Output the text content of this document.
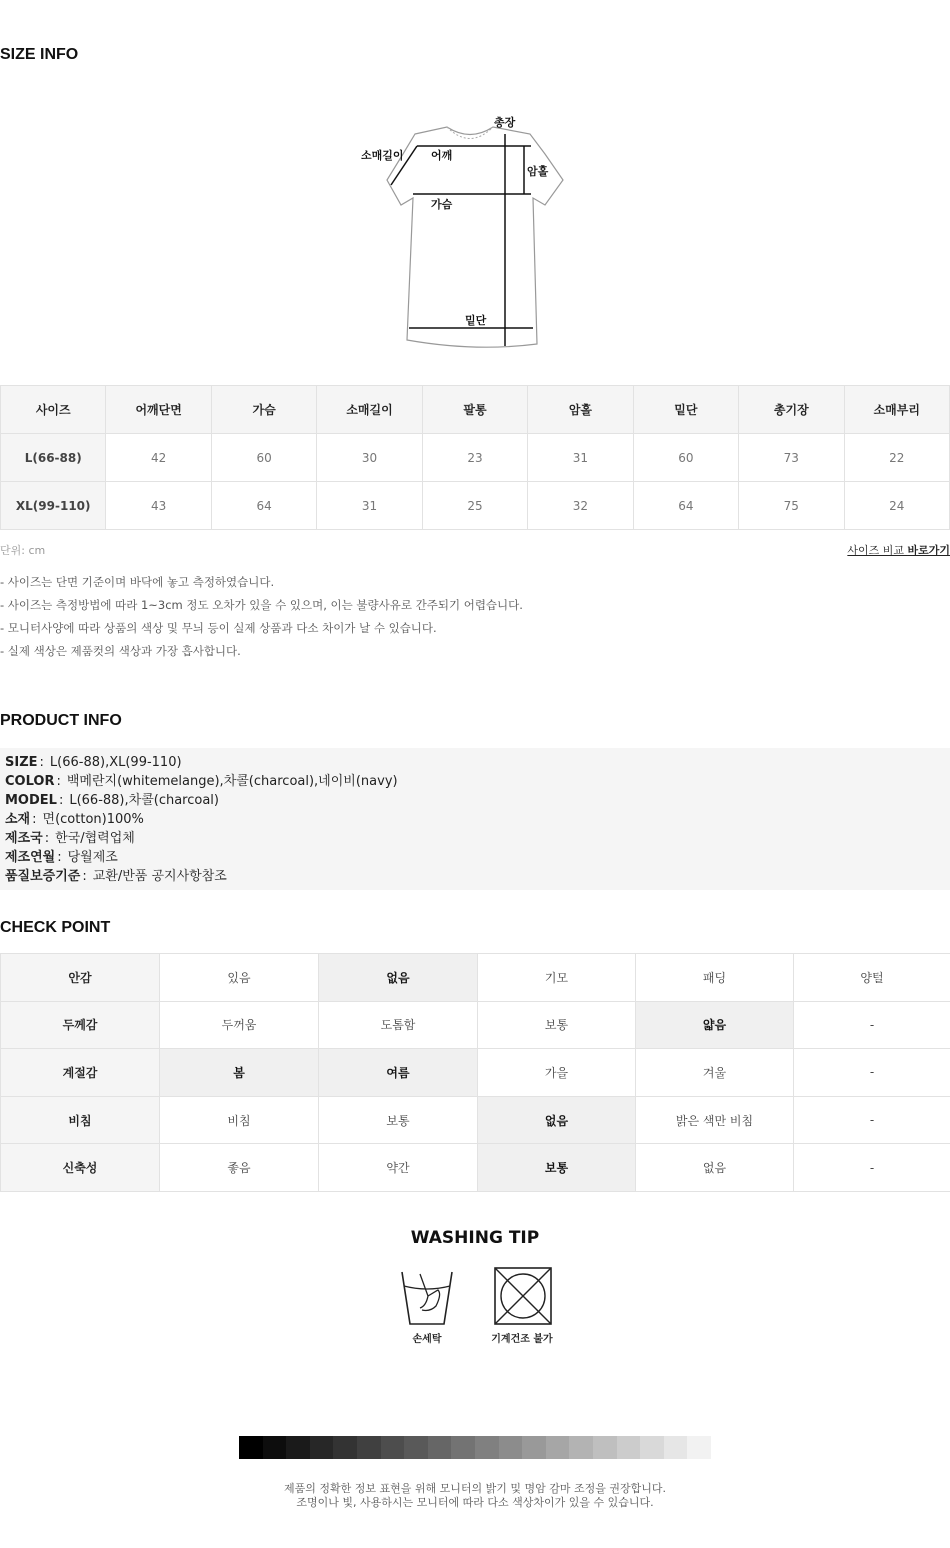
SIZE INFO
총장
소매길이 어깨
암홀
가슴
밑단
사이즈	어깨단면	가슴	소매길이	팔통	암홀	밑단	총기장	소매부리
L(66-88)	42	60	30	23	31	60	73	22
XL(99-110)	43	64	31	25	32	64	75	24
단위: cm	사이즈 비교 바로가기
- 사이즈는 단면 기준이며 바닥에 놓고 측정하였습니다.
- 사이즈는 측정방법에 따라 1~3cm 정도 오차가 있을 수 있으며, 이는 불량사유로 간주되기 어렵습니다.
- 모니터사양에 따라 상품의 색상 및 무늬 등이 실제 상품과 다소 차이가 날 수 있습니다.
- 실제 색상은 제품컷의 색상과 가장 흡사합니다.
PRODUCT INFO
SIZE : L(66-88),XL(99-110)
COLOR : 백메란지(whitemelange),차콜(charcoal),네이비(navy)
MODEL : L(66-88),차콜(charcoal)
소재 : 면(cotton)100%
제조국 : 한국/협력업체
제조연월 : 당월제조
품질보증기준 : 교환/반품 공지사항참조
CHECK POINT
안감	있음	없음	기모	패딩	양털
두께감	두꺼움	도톰함	보통	얇음	-
계절감	봄	여름	가을	겨울	-
비침	비침	보통	없음	밝은 색만 비침	-
신축성	좋음	약간	보통	없음	-
WASHING TIP
손세탁	기계건조 불가
제품의 정확한 정보 표현을 위해 모니터의 밝기 및 명암 감마 조정을 권장합니다.
조명이나 빛, 사용하시는 모니터에 따라 다소 색상차이가 있을 수 있습니다.
